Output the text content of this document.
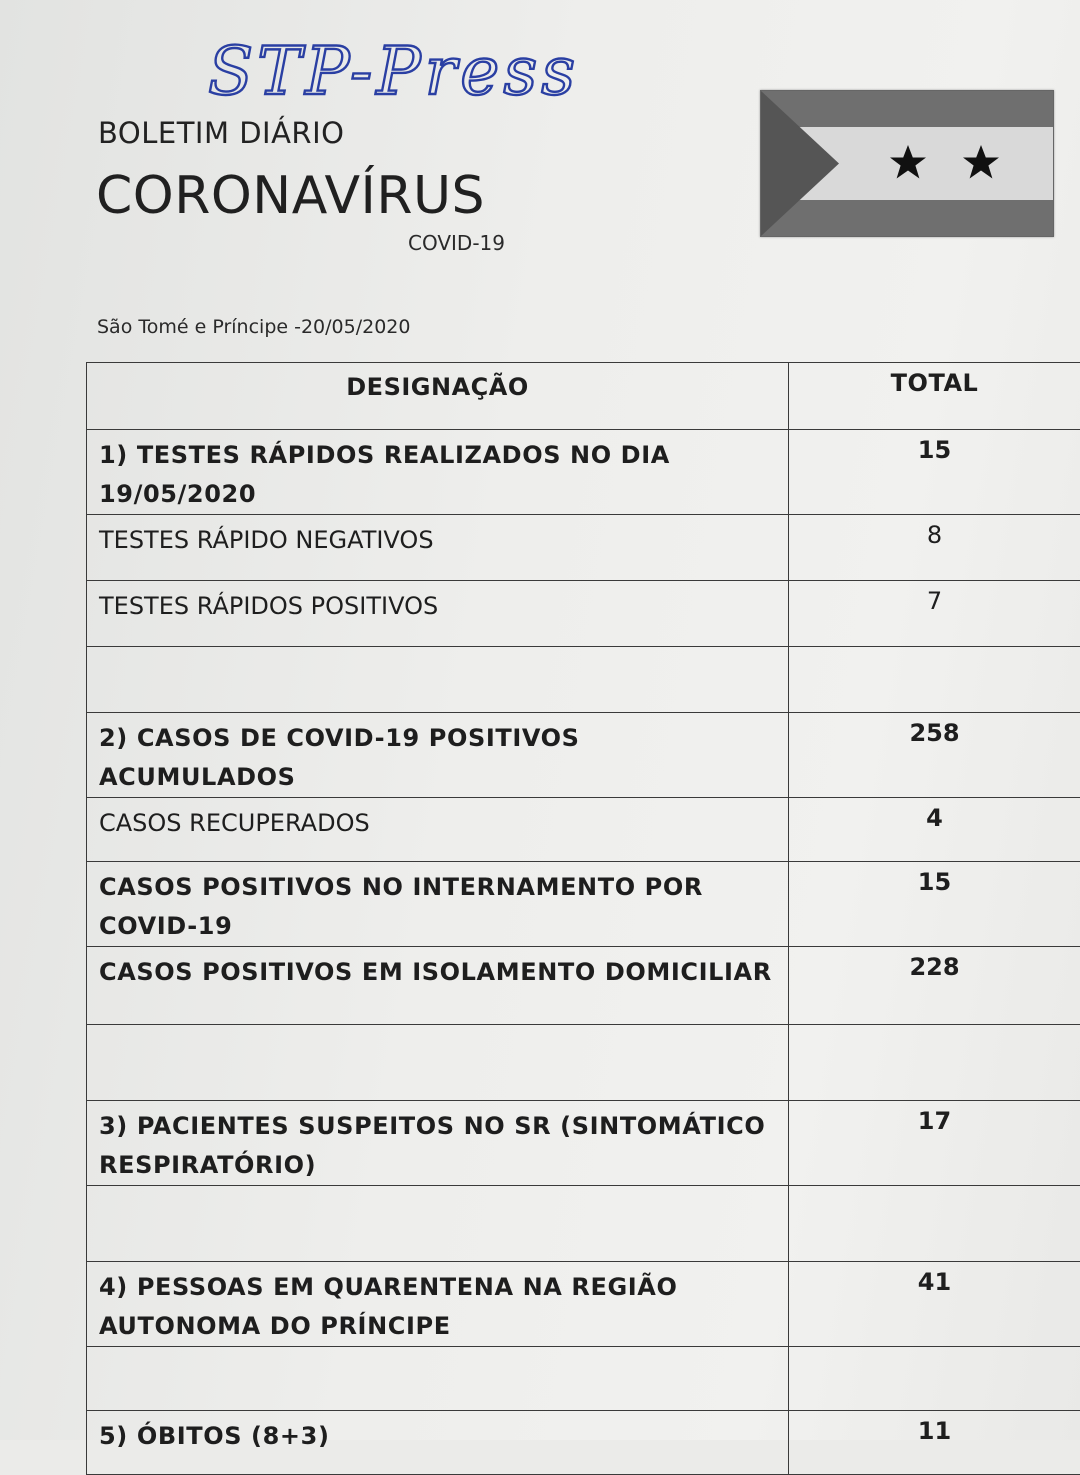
STP-Press
BOLETIM DIÁRIO
CORONAVÍRUS
COVID-19
São Tomé e Príncipe -20/05/2020
DESIGNAÇÃO	TOTAL

1) TESTES RÁPIDOS REALIZADOS NO DIA 19/05/2020	15
TESTES RÁPIDO NEGATIVOS	8
TESTES RÁPIDOS POSITIVOS	7

2) CASOS DE COVID-19 POSITIVOS ACUMULADOS	258
CASOS RECUPERADOS	4
CASOS POSITIVOS NO INTERNAMENTO POR COVID-19	15
CASOS POSITIVOS EM ISOLAMENTO DOMICILIAR	228

3) PACIENTES SUSPEITOS NO SR (SINTOMÁTICO RESPIRATÓRIO)	17

4) PESSOAS EM QUARENTENA NA REGIÃO AUTONOMA DO PRÍNCIPE	41

5) ÓBITOS (8+3)	11
